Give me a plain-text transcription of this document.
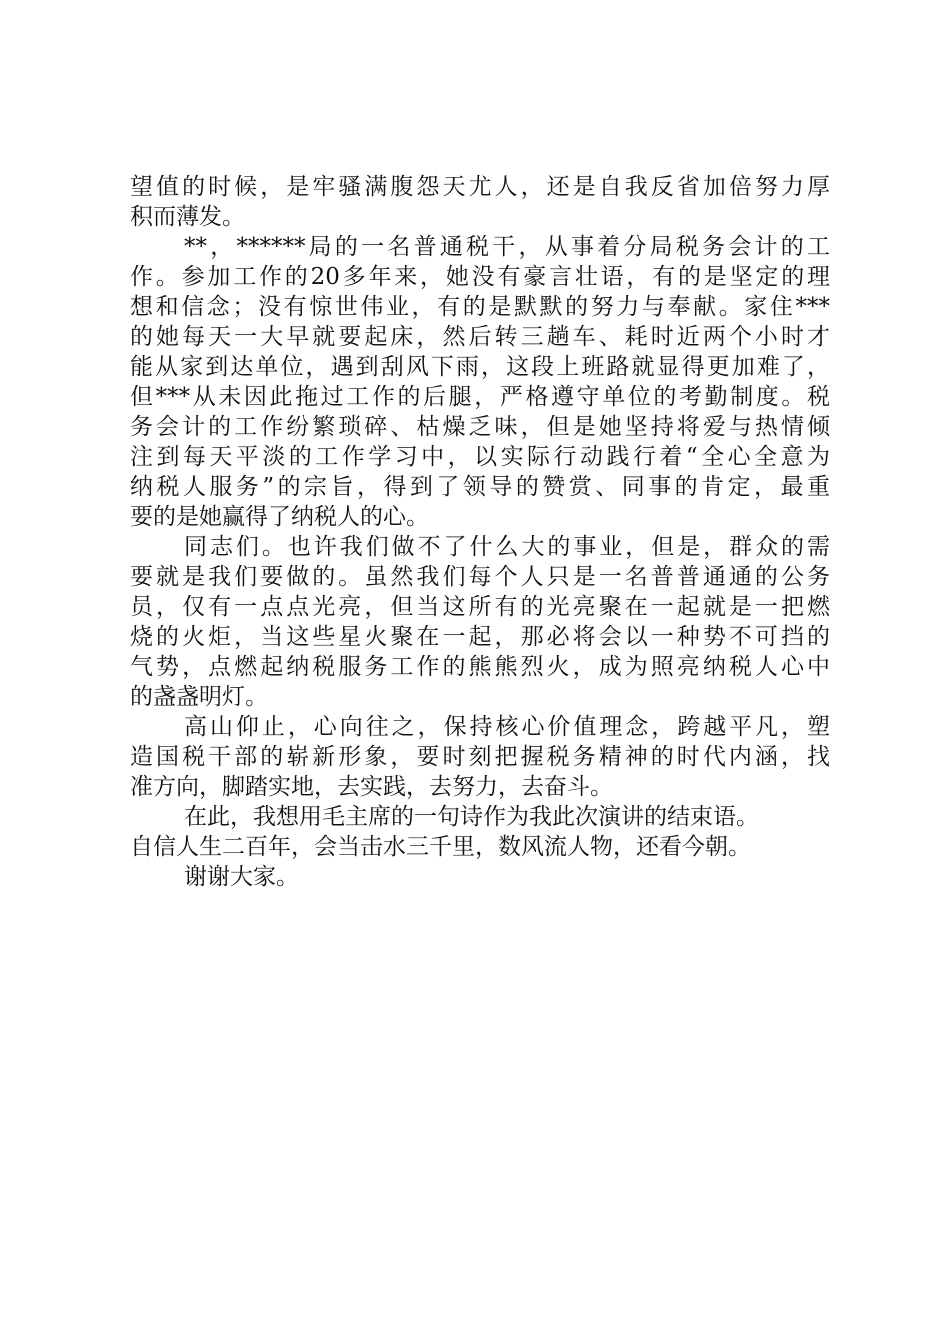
望值的时候，是牢骚满腹怨天尤人，还是自我反省加倍努力厚
积而薄发。
**，******局的一名普通税干，从事着分局税务会计的工
作。参加工作的20多年来，她没有豪言壮语，有的是坚定的理
想和信念；没有惊世伟业，有的是默默的努力与奉献。家住***
的她每天一大早就要起床，然后转三趟车、耗时近两个小时才
能从家到达单位，遇到刮风下雨，这段上班路就显得更加难了，
但***从未因此拖过工作的后腿，严格遵守单位的考勤制度。税
务会计的工作纷繁琐碎、枯燥乏味，但是她坚持将爱与热情倾
注到每天平淡的工作学习中，以实际行动践行着“全心全意为
纳税人服务”的宗旨，得到了领导的赞赏、同事的肯定，最重
要的是她赢得了纳税人的心。
同志们。也许我们做不了什么大的事业，但是，群众的需
要就是我们要做的。虽然我们每个人只是一名普普通通的公务
员，仅有一点点光亮，但当这所有的光亮聚在一起就是一把燃
烧的火炬，当这些星火聚在一起，那必将会以一种势不可挡的
气势，点燃起纳税服务工作的熊熊烈火，成为照亮纳税人心中
的盏盏明灯。
高山仰止，心向往之，保持核心价值理念，跨越平凡，塑
造国税干部的崭新形象，要时刻把握税务精神的时代内涵，找
准方向，脚踏实地，去实践，去努力，去奋斗。
在此，我想用毛主席的一句诗作为我此次演讲的结束语。
自信人生二百年，会当击水三千里，数风流人物，还看今朝。
谢谢大家。
